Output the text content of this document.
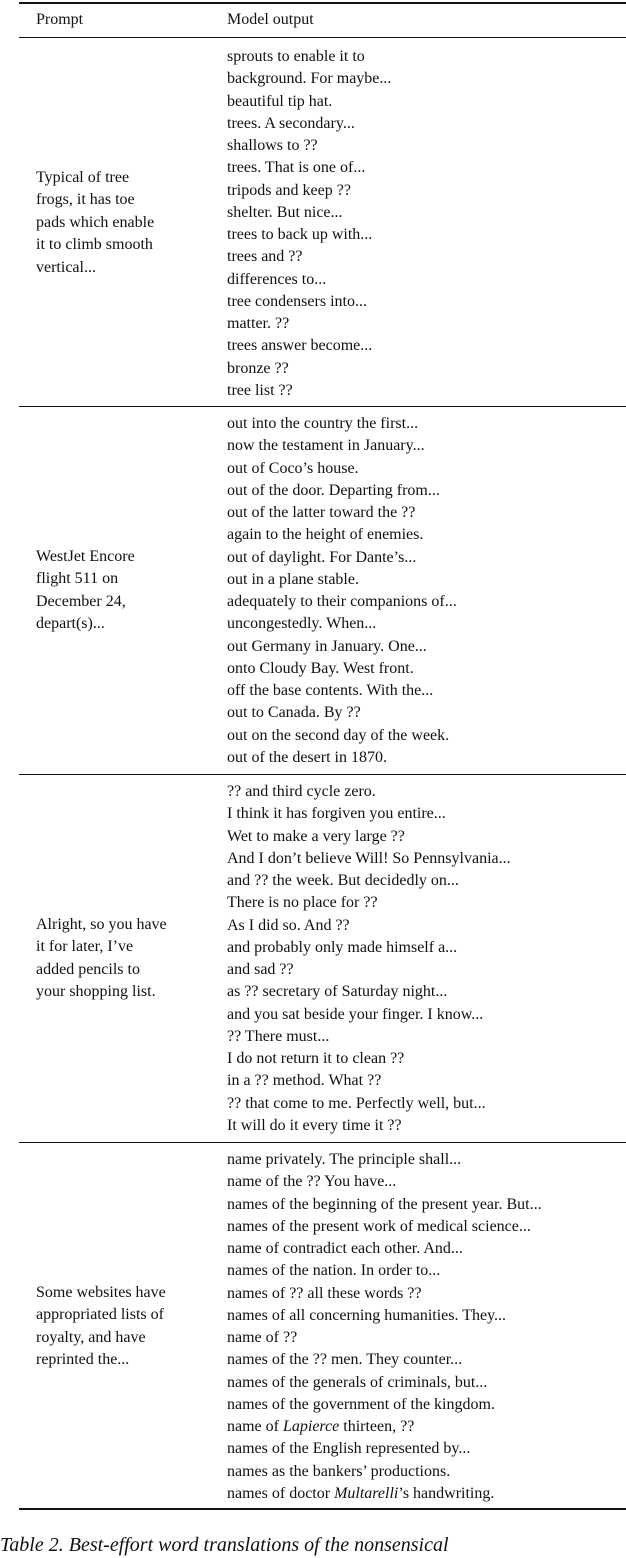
Prompt	Model output
Typical of tree
frogs, it has toe
pads which enable
it to climb smooth
vertical...
sprouts to enable it to
background. For maybe...
beautiful tip hat.
trees. A secondary...
shallows to ??
trees. That is one of...
tripods and keep ??
shelter. But nice...
trees to back up with...
trees and ??
differences to...
tree condensers into...
matter. ??
trees answer become...
bronze ??
tree list ??
WestJet Encore
flight 511 on
December 24,
depart(s)...
out into the country the first...
now the testament in January...
out of Coco’s house.
out of the door. Departing from...
out of the latter toward the ??
again to the height of enemies.
out of daylight. For Dante’s...
out in a plane stable.
adequately to their companions of...
uncongestedly. When...
out Germany in January. One...
onto Cloudy Bay. West front.
off the base contents. With the...
out to Canada. By ??
out on the second day of the week.
out of the desert in 1870.
Alright, so you have
it for later, I’ve
added pencils to
your shopping list.
?? and third cycle zero.
I think it has forgiven you entire...
Wet to make a very large ??
And I don’t believe Will! So Pennsylvania...
and ?? the week. But decidedly on...
There is no place for ??
As I did so. And ??
and probably only made himself a...
and sad ??
as ?? secretary of Saturday night...
and you sat beside your finger. I know...
?? There must...
I do not return it to clean ??
in a ?? method. What ??
?? that come to me. Perfectly well, but...
It will do it every time it ??
Some websites have
appropriated lists of
royalty, and have
reprinted the...
name privately. The principle shall...
name of the ?? You have...
names of the beginning of the present year. But...
names of the present work of medical science...
name of contradict each other. And...
names of the nation. In order to...
names of ?? all these words ??
names of all concerning humanities. They...
name of ??
names of the ?? men. They counter...
names of the generals of criminals, but...
names of the government of the kingdom.
name of Lapierce thirteen, ??
names of the English represented by...
names as the bankers’ productions.
names of doctor Multarelli’s handwriting.
Table 2. Best-effort word translations of the nonsensical
